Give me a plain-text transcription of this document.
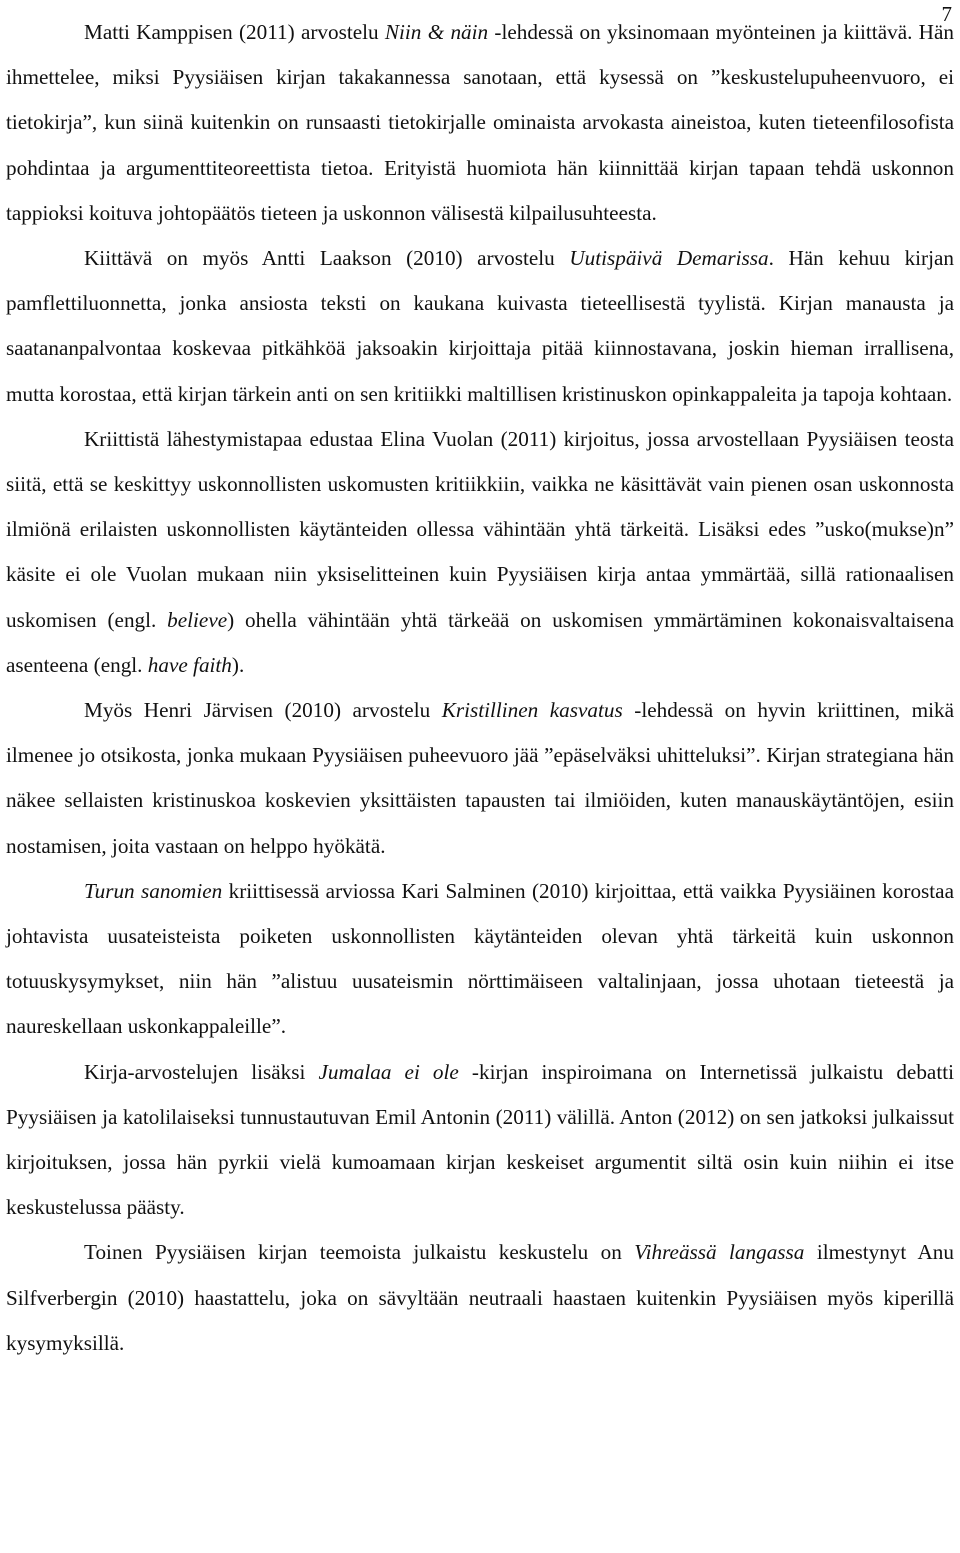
7

Matti Kamppisen (2011) arvostelu Niin & näin -lehdessä on yksinomaan myönteinen ja kiittävä. Hän ihmettelee, miksi Pyysiäisen kirjan takakannessa sanotaan, että kysessä on ”keskustelupuheenvuoro, ei tietokirja”, kun siinä kuitenkin on runsaasti tietokirjalle ominaista arvokasta aineistoa, kuten tieteenfilosofista pohdintaa ja argumenttiteoreettista tietoa. Erityistä huomiota hän kiinnittää kirjan tapaan tehdä uskonnon tappioksi koituva johtopäätös tieteen ja uskonnon välisestä kilpailusuhteesta.

Kiittävä on myös Antti Laakson (2010) arvostelu Uutispäivä Demarissa. Hän kehuu kirjan pamflettiluonnetta, jonka ansiosta teksti on kaukana kuivasta tieteellisestä tyylistä. Kirjan manausta ja saatananpalvontaa koskevaa pitkähköä jaksoakin kirjoittaja pitää kiinnostavana, joskin hieman irrallisena, mutta korostaa, että kirjan tärkein anti on sen kritiikki maltillisen kristinuskon opinkappaleita ja tapoja kohtaan.

Kriittistä lähestymistapaa edustaa Elina Vuolan (2011) kirjoitus, jossa arvostellaan Pyysiäisen teosta siitä, että se keskittyy uskonnollisten uskomusten kritiikkiin, vaikka ne käsittävät vain pienen osan uskonnosta ilmiönä erilaisten uskonnollisten käytänteiden ollessa vähintään yhtä tärkeitä. Lisäksi edes ”usko(mukse)n” käsite ei ole Vuolan mukaan niin yksiselitteinen kuin Pyysiäisen kirja antaa ymmärtää, sillä rationaalisen uskomisen (engl. believe) ohella vähintään yhtä tärkeää on uskomisen ymmärtäminen kokonaisvaltaisena asenteena (engl. have faith).

Myös Henri Järvisen (2010) arvostelu Kristillinen kasvatus -lehdessä on hyvin kriittinen, mikä ilmenee jo otsikosta, jonka mukaan Pyysiäisen puheevuoro jää ”epäselväksi uhitteluksi”. Kirjan strategiana hän näkee sellaisten kristinuskoa koskevien yksittäisten tapausten tai ilmiöiden, kuten manauskäytäntöjen, esiin nostamisen, joita vastaan on helppo hyökätä.

Turun sanomien kriittisessä arviossa Kari Salminen (2010) kirjoittaa, että vaikka Pyysiäinen korostaa johtavista uusateisteista poiketen uskonnollisten käytänteiden olevan yhtä tärkeitä kuin uskonnon totuuskysymykset, niin hän ”alistuu uusateismin nörttimäiseen valtalinjaan, jossa uhotaan tieteestä ja naureskellaan uskonkappaleille”.

Kirja-arvostelujen lisäksi Jumalaa ei ole -kirjan inspiroimana on Internetissä julkaistu debatti Pyysiäisen ja katolilaiseksi tunnustautuvan Emil Antonin (2011) välillä. Anton (2012) on sen jatkoksi julkaissut kirjoituksen, jossa hän pyrkii vielä kumoamaan kirjan keskeiset argumentit siltä osin kuin niihin ei itse keskustelussa päästy.

Toinen Pyysiäisen kirjan teemoista julkaistu keskustelu on Vihreässä langassa ilmestynyt Anu Silfverbergin (2010) haastattelu, joka on sävyltään neutraali haastaen kuitenkin Pyysiäisen myös kiperillä kysymyksillä.
